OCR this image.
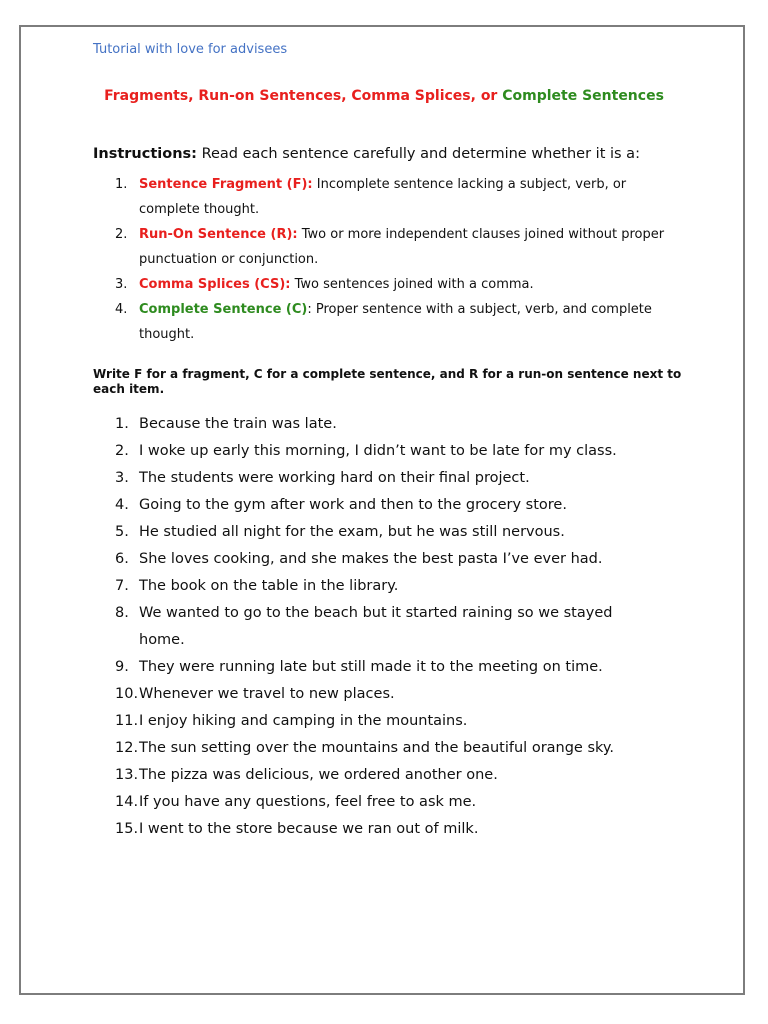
Tutorial with love for advisees
Fragments, Run-on Sentences, Comma Splices, or Complete Sentences
Instructions: Read each sentence carefully and determine whether it is a:
1. Sentence Fragment (F): Incomplete sentence lacking a subject, verb, or complete thought.
2. Run-On Sentence (R): Two or more independent clauses joined without proper punctuation or conjunction.
3. Comma Splices (CS): Two sentences joined with a comma.
4. Complete Sentence (C): Proper sentence with a subject, verb, and complete thought.
Write F for a fragment, C for a complete sentence, and R for a run-on sentence next to each item.
1. Because the train was late.
2. I woke up early this morning, I didn’t want to be late for my class.
3. The students were working hard on their final project.
4. Going to the gym after work and then to the grocery store.
5. He studied all night for the exam, but he was still nervous.
6. She loves cooking, and she makes the best pasta I’ve ever had.
7. The book on the table in the library.
8. We wanted to go to the beach but it started raining so we stayed home.
9. They were running late but still made it to the meeting on time.
10. Whenever we travel to new places.
11. I enjoy hiking and camping in the mountains.
12. The sun setting over the mountains and the beautiful orange sky.
13. The pizza was delicious, we ordered another one.
14. If you have any questions, feel free to ask me.
15. I went to the store because we ran out of milk.
